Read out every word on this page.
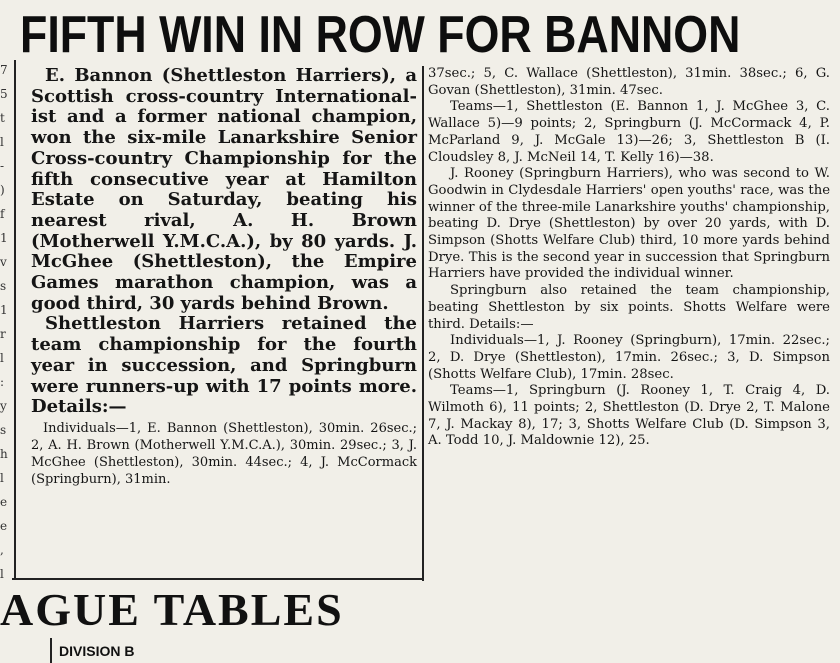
7
5
t
l
-
)
f
1
v
s
1
r
l
:
y
s
h
l
e
e
,
l
FIFTH WIN IN ROW FOR BANNON

E. Bannon (Shettleston Harriers), a Scottish cross-country Internationalist and a former national champion, won the six-mile Lanarkshire Senior Cross-country Championship for the fifth consecutive year at Hamilton Estate on Saturday, beating his nearest rival, A. H. Brown (Motherwell Y.M.C.A.), by 80 yards. J. McGhee (Shettleston), the Empire Games marathon champion, was a good third, 30 yards behind Brown.

Shettleston Harriers retained the team championship for the fourth year in succession, and Springburn were runners-up with 17 points more. Details:—

Individuals—1, E. Bannon (Shettleston), 30min. 26sec.; 2, A. H. Brown (Motherwell Y.M.C.A.), 30min. 29sec.; 3, J. McGhee (Shettleston), 30min. 44sec.; 4, J. McCormack (Springburn), 31min.

37sec.; 5, C. Wallace (Shettleston), 31min. 38sec.; 6, G. Govan (Shettleston), 31min. 47sec.

Teams—1, Shettleston (E. Bannon 1, J. McGhee 3, C. Wallace 5)—9 points; 2, Springburn (J. McCormack 4, P. McParland 9, J. McGale 13)—26; 3, Shettleston B (I. Cloudsley 8, J. McNeil 14, T. Kelly 16)—38.

J. Rooney (Springburn Harriers), who was second to W. Goodwin in Clydesdale Harriers' open youths' race, was the winner of the three-mile Lanarkshire youths' championship, beating D. Drye (Shettleston) by over 20 yards, with D. Simpson (Shotts Welfare Club) third, 10 more yards behind Drye. This is the second year in succession that Springburn Harriers have provided the individual winner.

Springburn also retained the team championship, beating Shettleston by six points. Shotts Welfare were third. Details:—

Individuals—1, J. Rooney (Springburn), 17min. 22sec.; 2, D. Drye (Shettleston), 17min. 26sec.; 3, D. Simpson (Shotts Welfare Club), 17min. 28sec.

Teams—1, Springburn (J. Rooney 1, T. Craig 4, D. Wilmoth 6), 11 points; 2, Shettleston (D. Drye 2, T. Malone 7, J. Mackay 8), 17; 3, Shotts Welfare Club (D. Simpson 3, A. Todd 10, J. Maldownie 12), 25.

AGUE TABLES
DIVISION B
